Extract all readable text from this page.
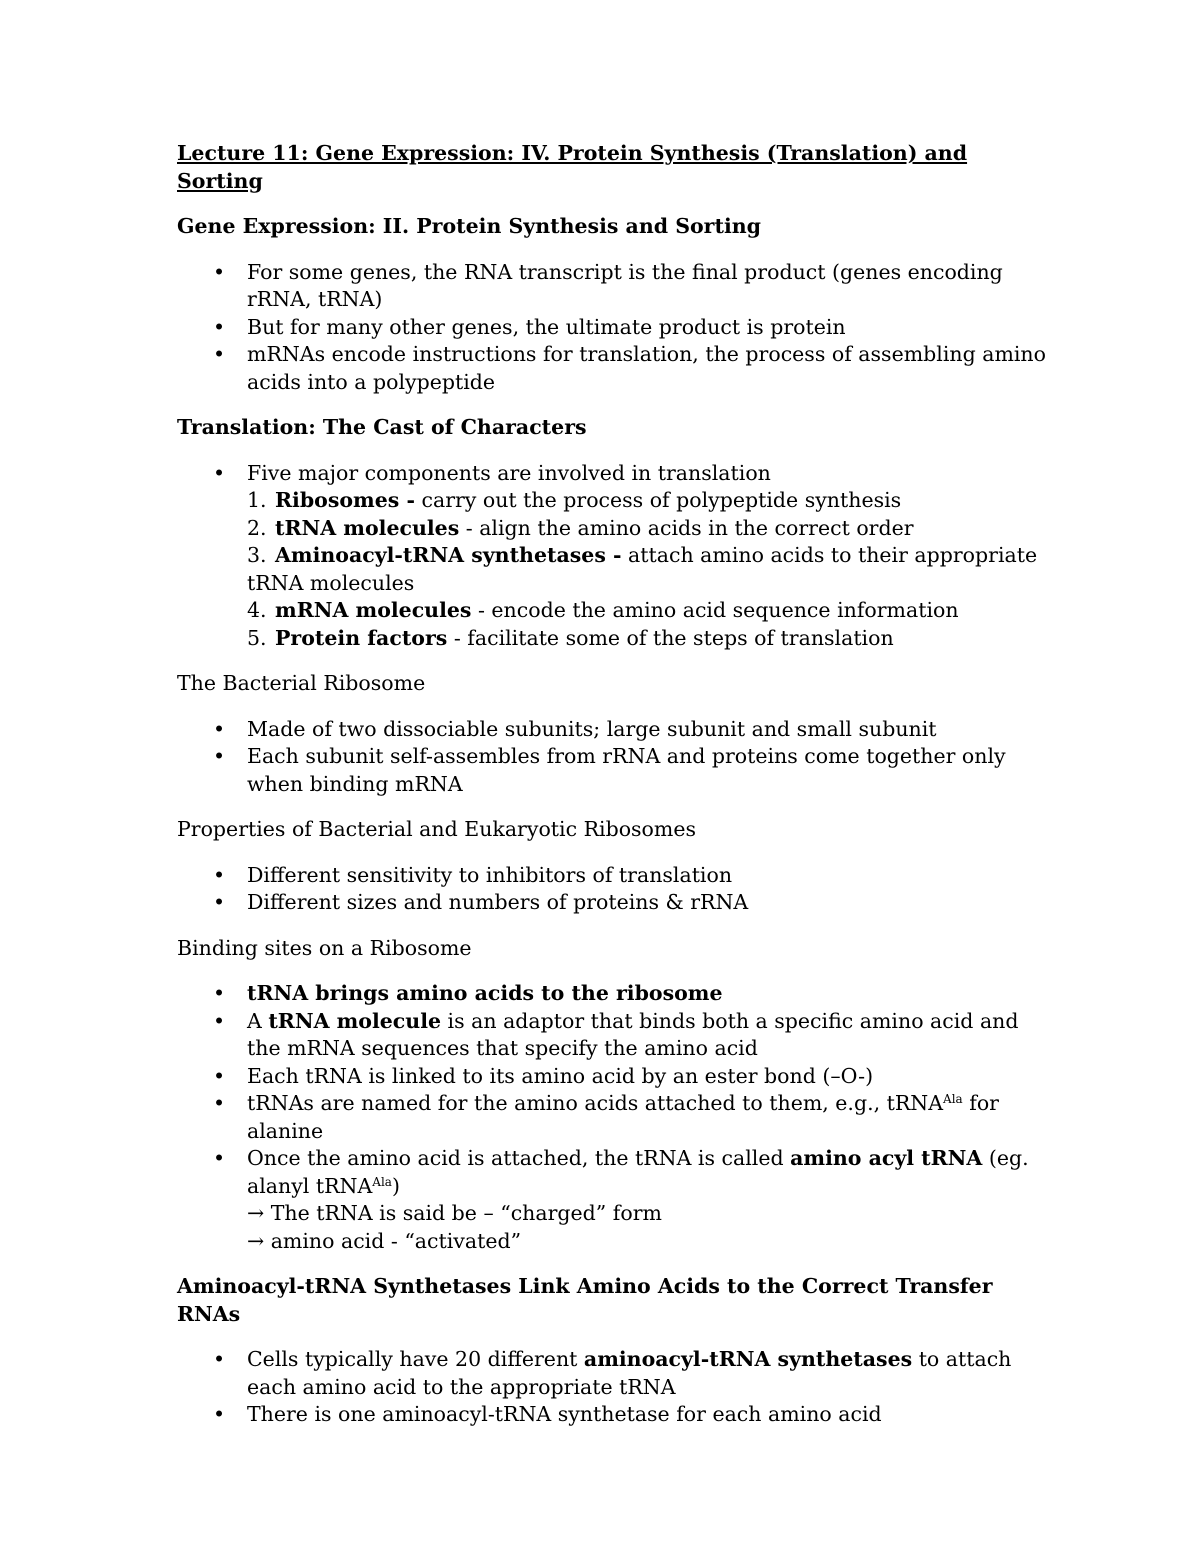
Lecture 11: Gene Expression: IV. Protein Synthesis (Translation) and Sorting
Gene Expression: II. Protein Synthesis and Sorting
• For some genes, the RNA transcript is the final product (genes encoding rRNA, tRNA)
• But for many other genes, the ultimate product is protein
• mRNAs encode instructions for translation, the process of assembling amino acids into a polypeptide
Translation: The Cast of Characters
• Five major components are involved in translation
1. Ribosomes - carry out the process of polypeptide synthesis
2. tRNA molecules - align the amino acids in the correct order
3. Aminoacyl-tRNA synthetases - attach amino acids to their appropriate tRNA molecules
4. mRNA molecules - encode the amino acid sequence information
5. Protein factors - facilitate some of the steps of translation
The Bacterial Ribosome
• Made of two dissociable subunits; large subunit and small subunit
• Each subunit self-assembles from rRNA and proteins come together only when binding mRNA
Properties of Bacterial and Eukaryotic Ribosomes
• Different sensitivity to inhibitors of translation
• Different sizes and numbers of proteins & rRNA
Binding sites on a Ribosome
• tRNA brings amino acids to the ribosome
• A tRNA molecule is an adaptor that binds both a specific amino acid and the mRNA sequences that specify the amino acid
• Each tRNA is linked to its amino acid by an ester bond (–O-)
• tRNAs are named for the amino acids attached to them, e.g., tRNA$^{Ala}$ for alanine
• Once the amino acid is attached, the tRNA is called amino acyl tRNA (eg. alanyl tRNA$^{Ala}$)
→ The tRNA is said be – “charged” form
→ amino acid - “activated”
Aminoacyl-tRNA Synthetases Link Amino Acids to the Correct Transfer RNAs
• Cells typically have 20 different aminoacyl-tRNA synthetases to attach each amino acid to the appropriate tRNA
• There is one aminoacyl-tRNA synthetase for each amino acid
